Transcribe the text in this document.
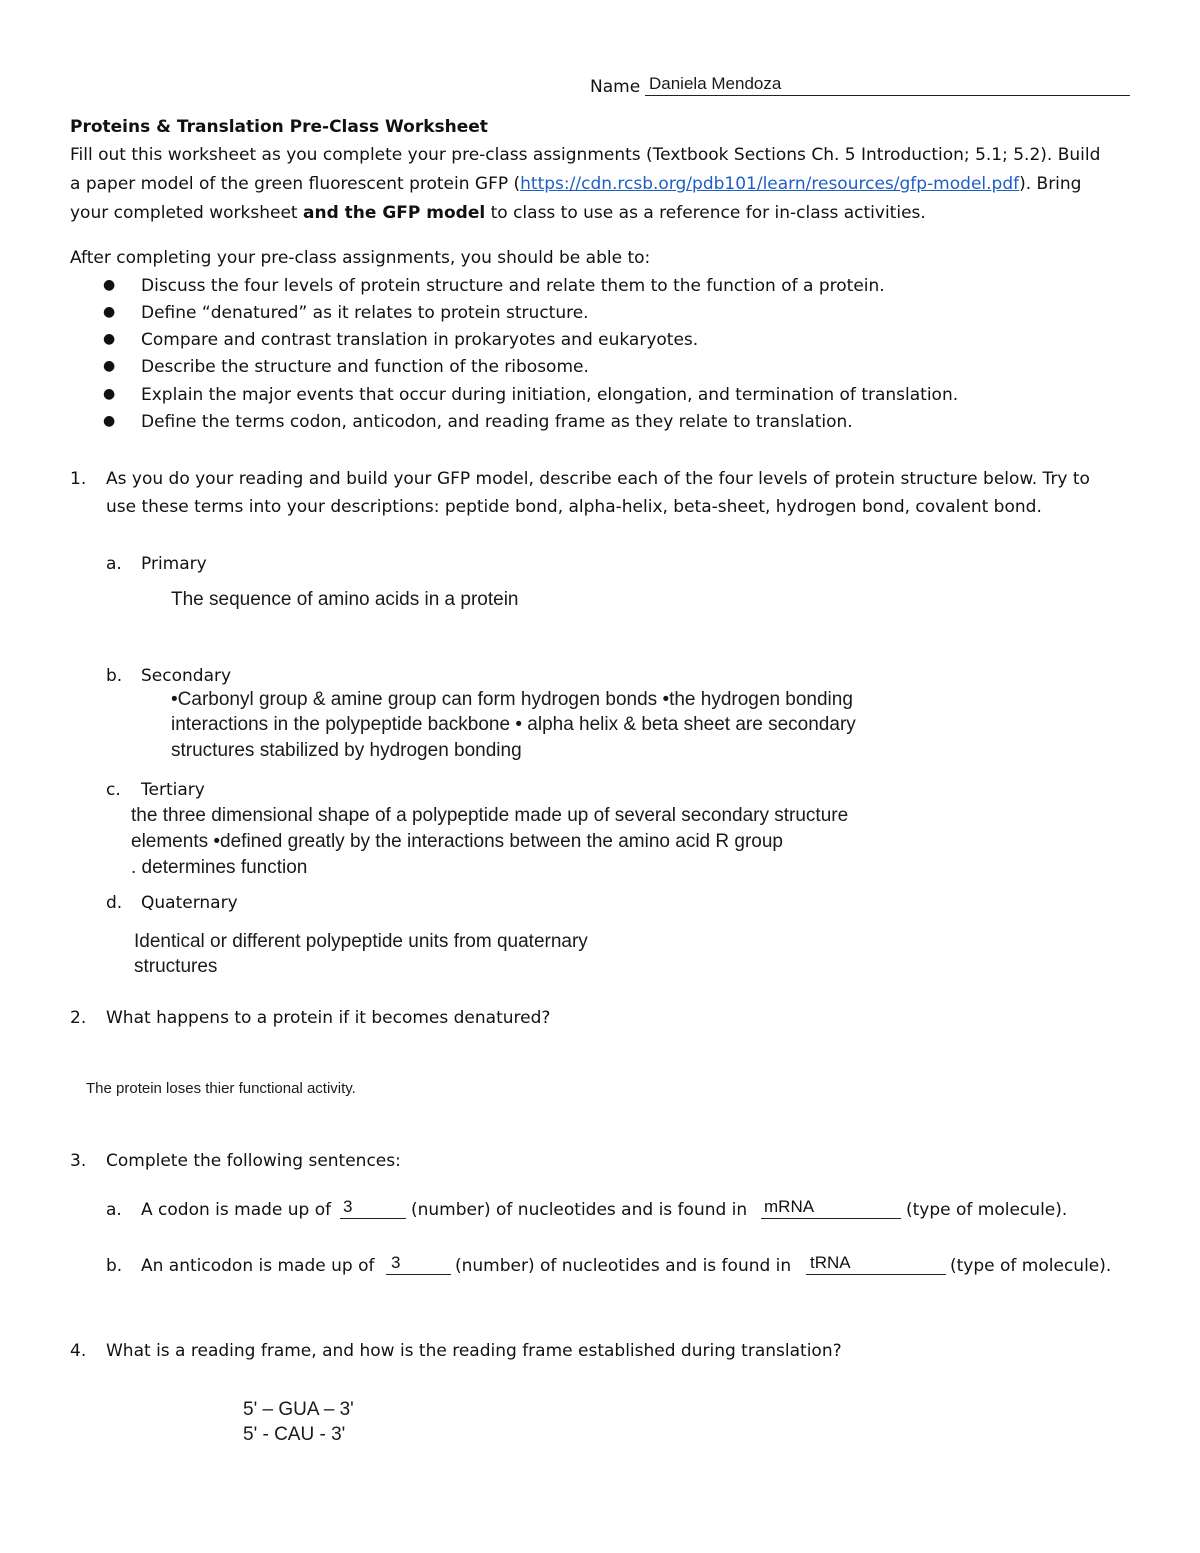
Name Daniela Mendoza
Proteins & Translation Pre-Class Worksheet
Fill out this worksheet as you complete your pre-class assignments (Textbook Sections Ch. 5 Introduction; 5.1; 5.2). Build
a paper model of the green fluorescent protein GFP (https://cdn.rcsb.org/pdb101/learn/resources/gfp-model.pdf). Bring
your completed worksheet and the GFP model to class to use as a reference for in-class activities.
After completing your pre-class assignments, you should be able to:
● Discuss the four levels of protein structure and relate them to the function of a protein.
● Define “denatured” as it relates to protein structure.
● Compare and contrast translation in prokaryotes and eukaryotes.
● Describe the structure and function of the ribosome.
● Explain the major events that occur during initiation, elongation, and termination of translation.
● Define the terms codon, anticodon, and reading frame as they relate to translation.
1. As you do your reading and build your GFP model, describe each of the four levels of protein structure below. Try to
use these terms into your descriptions: peptide bond, alpha-helix, beta-sheet, hydrogen bond, covalent bond.
a. Primary
The sequence of amino acids in a protein
b. Secondary
•Carbonyl group & amine group can form hydrogen bonds •the hydrogen bonding
interactions in the polypeptide backbone • alpha helix & beta sheet are secondary
structures stabilized by hydrogen bonding
c. Tertiary
the three dimensional shape of a polypeptide made up of several secondary structure
elements •defined greatly by the interactions between the amino acid R group
. determines function
d. Quaternary
Identical or different polypeptide units from quaternary
structures
2. What happens to a protein if it becomes denatured?
The protein loses thier functional activity.
3. Complete the following sentences:
a. A codon is made up of 3	(number) of nucleotides and is found in mRNA	(type of molecule).
b. An anticodon is made up of 3	(number) of nucleotides and is found in tRNA	(type of molecule).
4. What is a reading frame, and how is the reading frame established during translation?
5' – GUA – 3'
5' - CAU - 3'
